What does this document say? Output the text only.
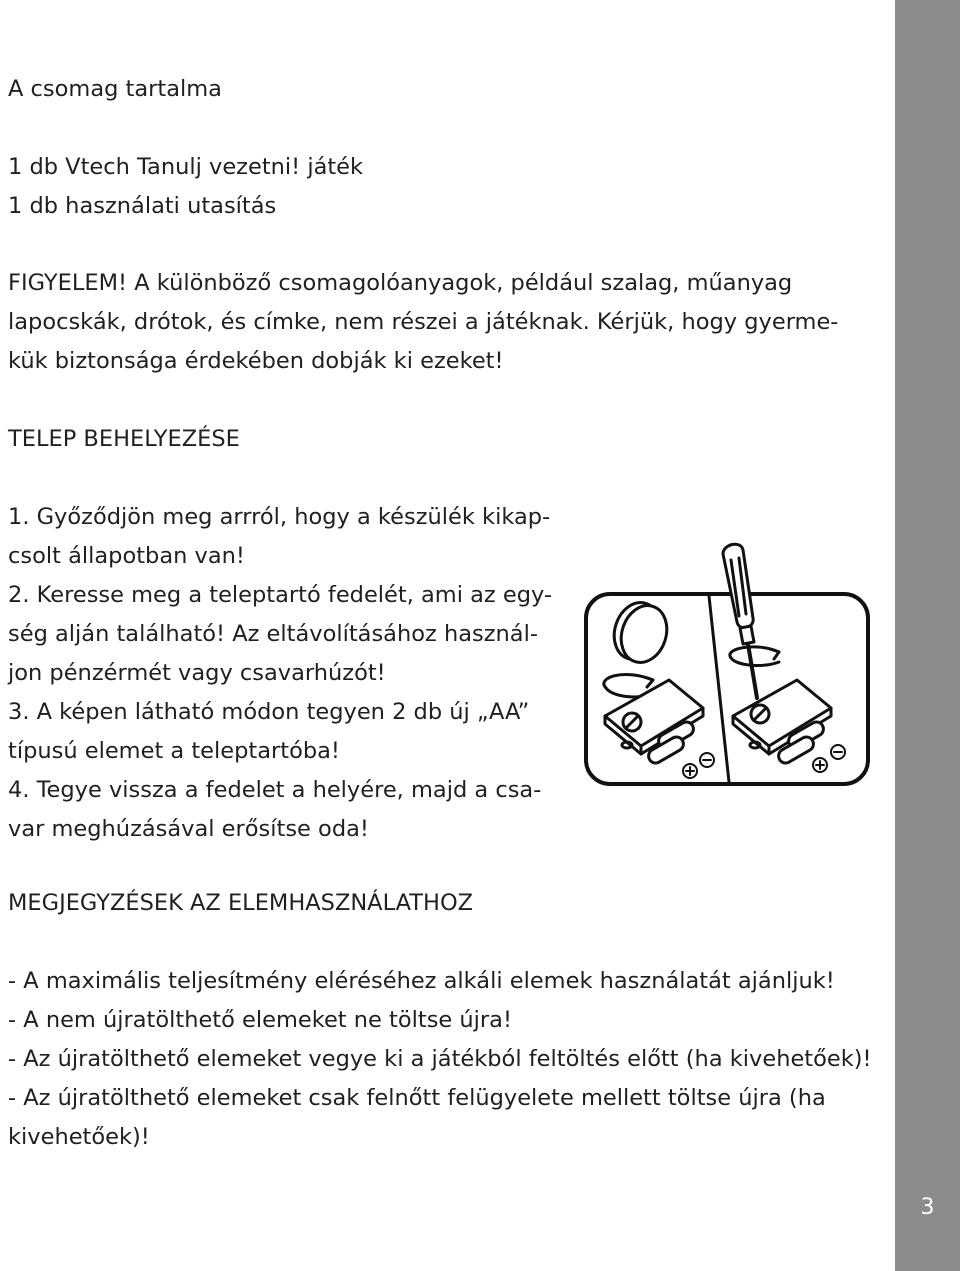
A csomag tartalma
1 db Vtech Tanulj vezetni! játék
1 db használati utasítás
FIGYELEM! A különböző csomagolóanyagok, például szalag, műanyag
lapocskák, drótok, és címke, nem részei a játéknak. Kérjük, hogy gyerme-
kük biztonsága érdekében dobják ki ezeket!
TELEP BEHELYEZÉSE
1. Győződjön meg arrról, hogy a készülék kikap-
csolt állapotban van!
2. Keresse meg a teleptartó fedelét, ami az egy-
ség alján található! Az eltávolításához használ-
jon pénzérmét vagy csavarhúzót!
3. A képen látható módon tegyen 2 db új „AA”
típusú elemet a teleptartóba!
4. Tegye vissza a fedelet a helyére, majd a csa-
var meghúzásával erősítse oda!
MEGJEGYZÉSEK AZ ELEMHASZNÁLATHOZ
- A maximális teljesítmény eléréséhez alkáli elemek használatát ajánljuk!
- A nem újratölthető elemeket ne töltse újra!
- Az újratölthető elemeket vegye ki a játékból feltöltés előtt (ha kivehetőek)!
- Az újratölthető elemeket csak felnőtt felügyelete mellett töltse újra (ha
kivehetőek)!
3
